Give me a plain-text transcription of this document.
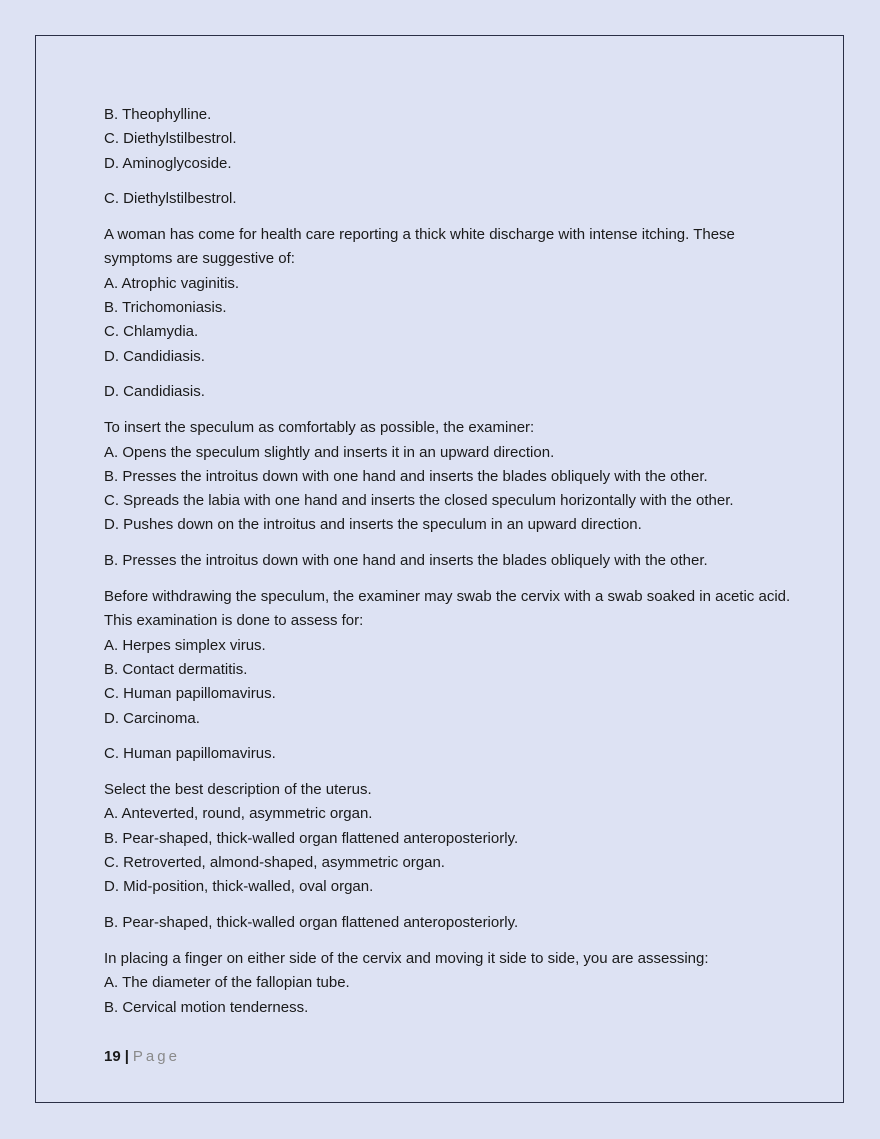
B. Theophylline.
C. Diethylstilbestrol.
D. Aminoglycoside.
C. Diethylstilbestrol.
A woman has come for health care reporting a thick white discharge with intense itching. These symptoms are suggestive of:
A. Atrophic vaginitis.
B. Trichomoniasis.
C. Chlamydia.
D. Candidiasis.
D. Candidiasis.
To insert the speculum as comfortably as possible, the examiner:
A. Opens the speculum slightly and inserts it in an upward direction.
B. Presses the introitus down with one hand and inserts the blades obliquely with the other.
C. Spreads the labia with one hand and inserts the closed speculum horizontally with the other.
D. Pushes down on the introitus and inserts the speculum in an upward direction.
B. Presses the introitus down with one hand and inserts the blades obliquely with the other.
Before withdrawing the speculum, the examiner may swab the cervix with a swab soaked in acetic acid. This examination is done to assess for:
A. Herpes simplex virus.
B. Contact dermatitis.
C. Human papillomavirus.
D. Carcinoma.
C. Human papillomavirus.
Select the best description of the uterus.
A. Anteverted, round, asymmetric organ.
B. Pear-shaped, thick-walled organ flattened anteroposteriorly.
C. Retroverted, almond-shaped, asymmetric organ.
D. Mid-position, thick-walled, oval organ.
B. Pear-shaped, thick-walled organ flattened anteroposteriorly.
In placing a finger on either side of the cervix and moving it side to side, you are assessing:
A. The diameter of the fallopian tube.
B. Cervical motion tenderness.
19 | Page
